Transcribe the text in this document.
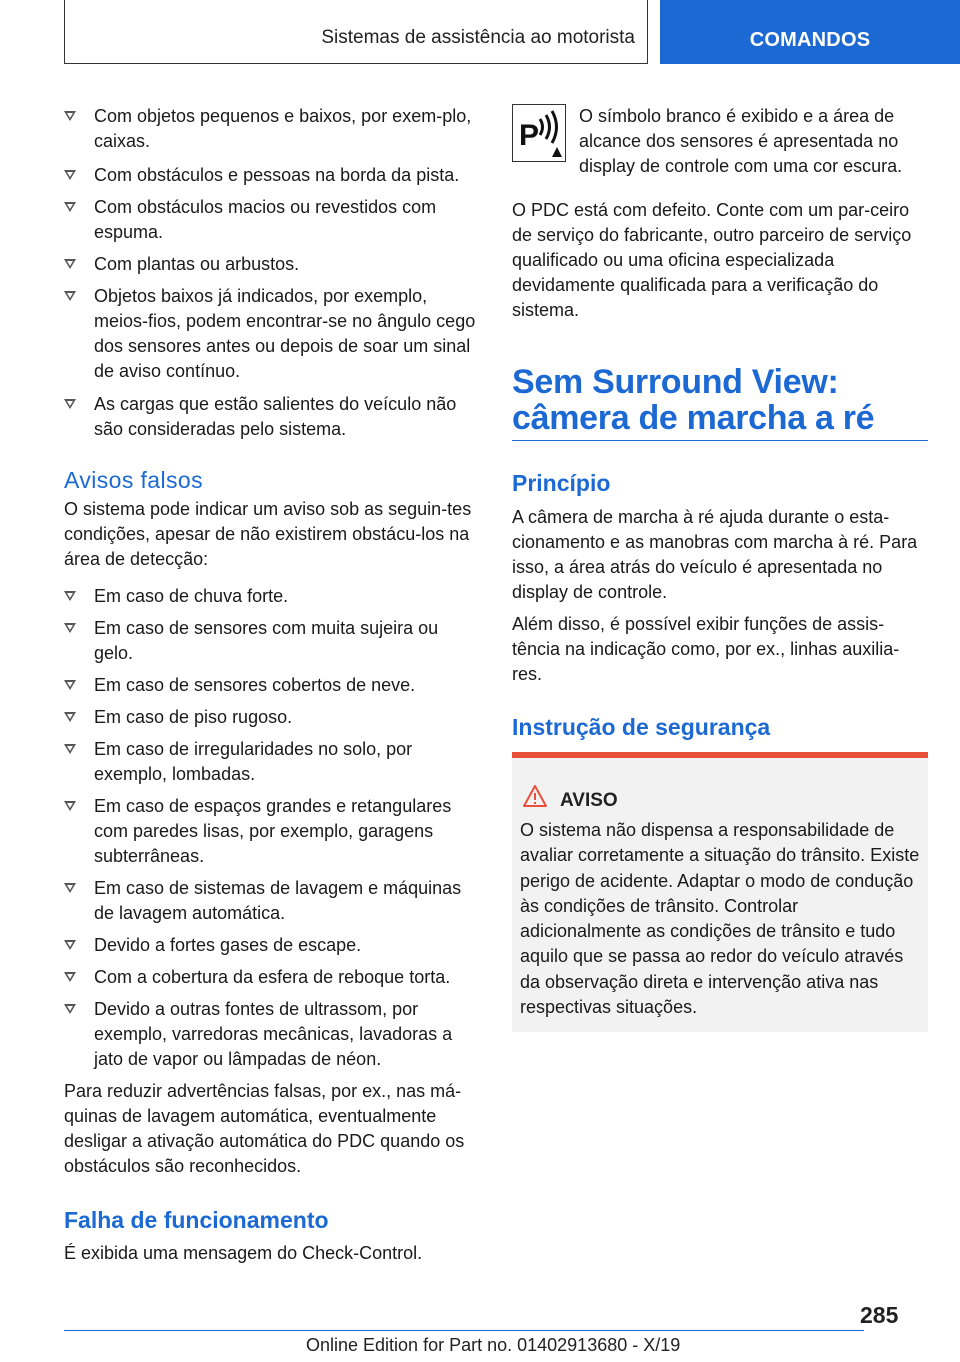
Sistemas de assistência ao motorista	COMANDOS
Com objetos pequenos e baixos, por exem-plo, caixas.
Com obstáculos e pessoas na borda da pista.
Com obstáculos macios ou revestidos com espuma.
Com plantas ou arbustos.
Objetos baixos já indicados, por exemplo, meios-fios, podem encontrar-se no ângulo cego dos sensores antes ou depois de soar um sinal de aviso contínuo.
As cargas que estão salientes do veículo não são consideradas pelo sistema.
Avisos falsos
O sistema pode indicar um aviso sob as seguin-tes condições, apesar de não existirem obstácu-los na área de detecção:
Em caso de chuva forte.
Em caso de sensores com muita sujeira ou gelo.
Em caso de sensores cobertos de neve.
Em caso de piso rugoso.
Em caso de irregularidades no solo, por exemplo, lombadas.
Em caso de espaços grandes e retangulares com paredes lisas, por exemplo, garagens subterrâneas.
Em caso de sistemas de lavagem e máquinas de lavagem automática.
Devido a fortes gases de escape.
Com a cobertura da esfera de reboque torta.
Devido a outras fontes de ultrassom, por exemplo, varredoras mecânicas, lavadoras a jato de vapor ou lâmpadas de néon.
Para reduzir advertências falsas, por ex., nas má-quinas de lavagem automática, eventualmente desligar a ativação automática do PDC quando os obstáculos são reconhecidos.
Falha de funcionamento
É exibida uma mensagem do Check-Control.
P
O símbolo branco é exibido e a área de alcance dos sensores é apresentada no display de controle com uma cor escura.
O PDC está com defeito. Conte com um par-ceiro de serviço do fabricante, outro parceiro de serviço qualificado ou uma oficina especializada devidamente qualificada para a verificação do sistema.
Sem Surround View:
câmera de marcha a ré
Princípio
A câmera de marcha à ré ajuda durante o esta-cionamento e as manobras com marcha à ré. Para isso, a área atrás do veículo é apresentada no display de controle.
Além disso, é possível exibir funções de assis-tência na indicação como, por ex., linhas auxilia-res.
Instrução de segurança
AVISO
O sistema não dispensa a responsabilidade de avaliar corretamente a situação do trânsito. Existe perigo de acidente. Adaptar o modo de condução às condições de trânsito. Controlar adicionalmente as condições de trânsito e tudo aquilo que se passa ao redor do veículo através da observação direta e intervenção ativa nas respectivas situações.
285
Online Edition for Part no. 01402913680 - X/19
